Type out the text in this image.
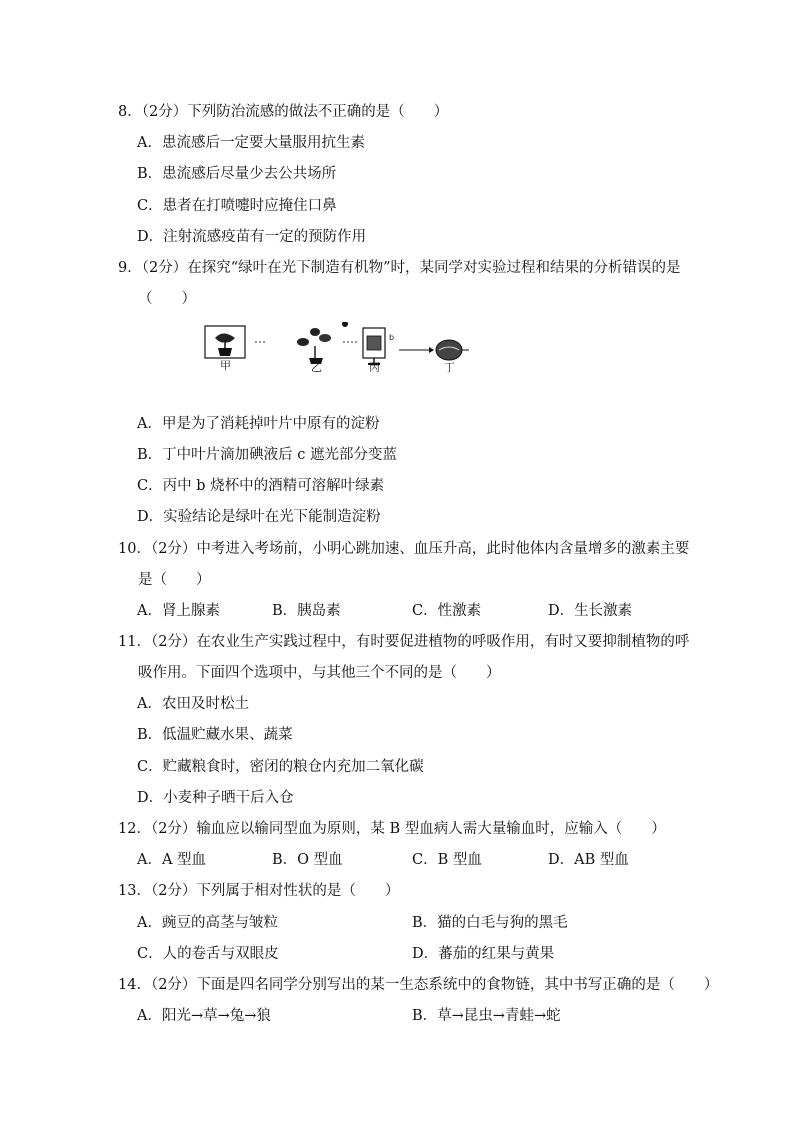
8．（2分）下列防治流感的做法不正确的是（　　）
A．患流感后一定要大量服用抗生素
B．患流感后尽量少去公共场所
C．患者在打喷嚏时应掩住口鼻
D．注射流感疫苗有一定的预防作用
9．（2分）在探究“绿叶在光下制造有机物”时，某同学对实验过程和结果的分析错误的是
（　　）
甲	乙
b
丙	丁
A．甲是为了消耗掉叶片中原有的淀粉
B．丁中叶片滴加碘液后 c 遮光部分变蓝
C．丙中 b 烧杯中的酒精可溶解叶绿素
D．实验结论是绿叶在光下能制造淀粉
10．（2分）中考进入考场前，小明心跳加速、血压升高，此时他体内含量增多的激素主要
是（　　）
A．肾上腺素	B．胰岛素	C．性激素	D．生长激素
11．（2分）在农业生产实践过程中，有时要促进植物的呼吸作用，有时又要抑制植物的呼
吸作用。下面四个选项中，与其他三个不同的是（　　）
A．农田及时松土
B．低温贮藏水果、蔬菜
C．贮藏粮食时，密闭的粮仓内充加二氧化碳
D．小麦种子晒干后入仓
12．（2分）输血应以输同型血为原则，某 B 型血病人需大量输血时，应输入（　　）
A．A 型血	B．O 型血	C．B 型血	D．AB 型血
13．（2分）下列属于相对性状的是（　　）
A．豌豆的高茎与皱粒	B．猫的白毛与狗的黑毛
C．人的卷舌与双眼皮	D．蕃茄的红果与黄果
14．（2分）下面是四名同学分别写出的某一生态系统中的食物链，其中书写正确的是（　　）
A．阳光→草→兔→狼	B．草→昆虫→青蛙→蛇
